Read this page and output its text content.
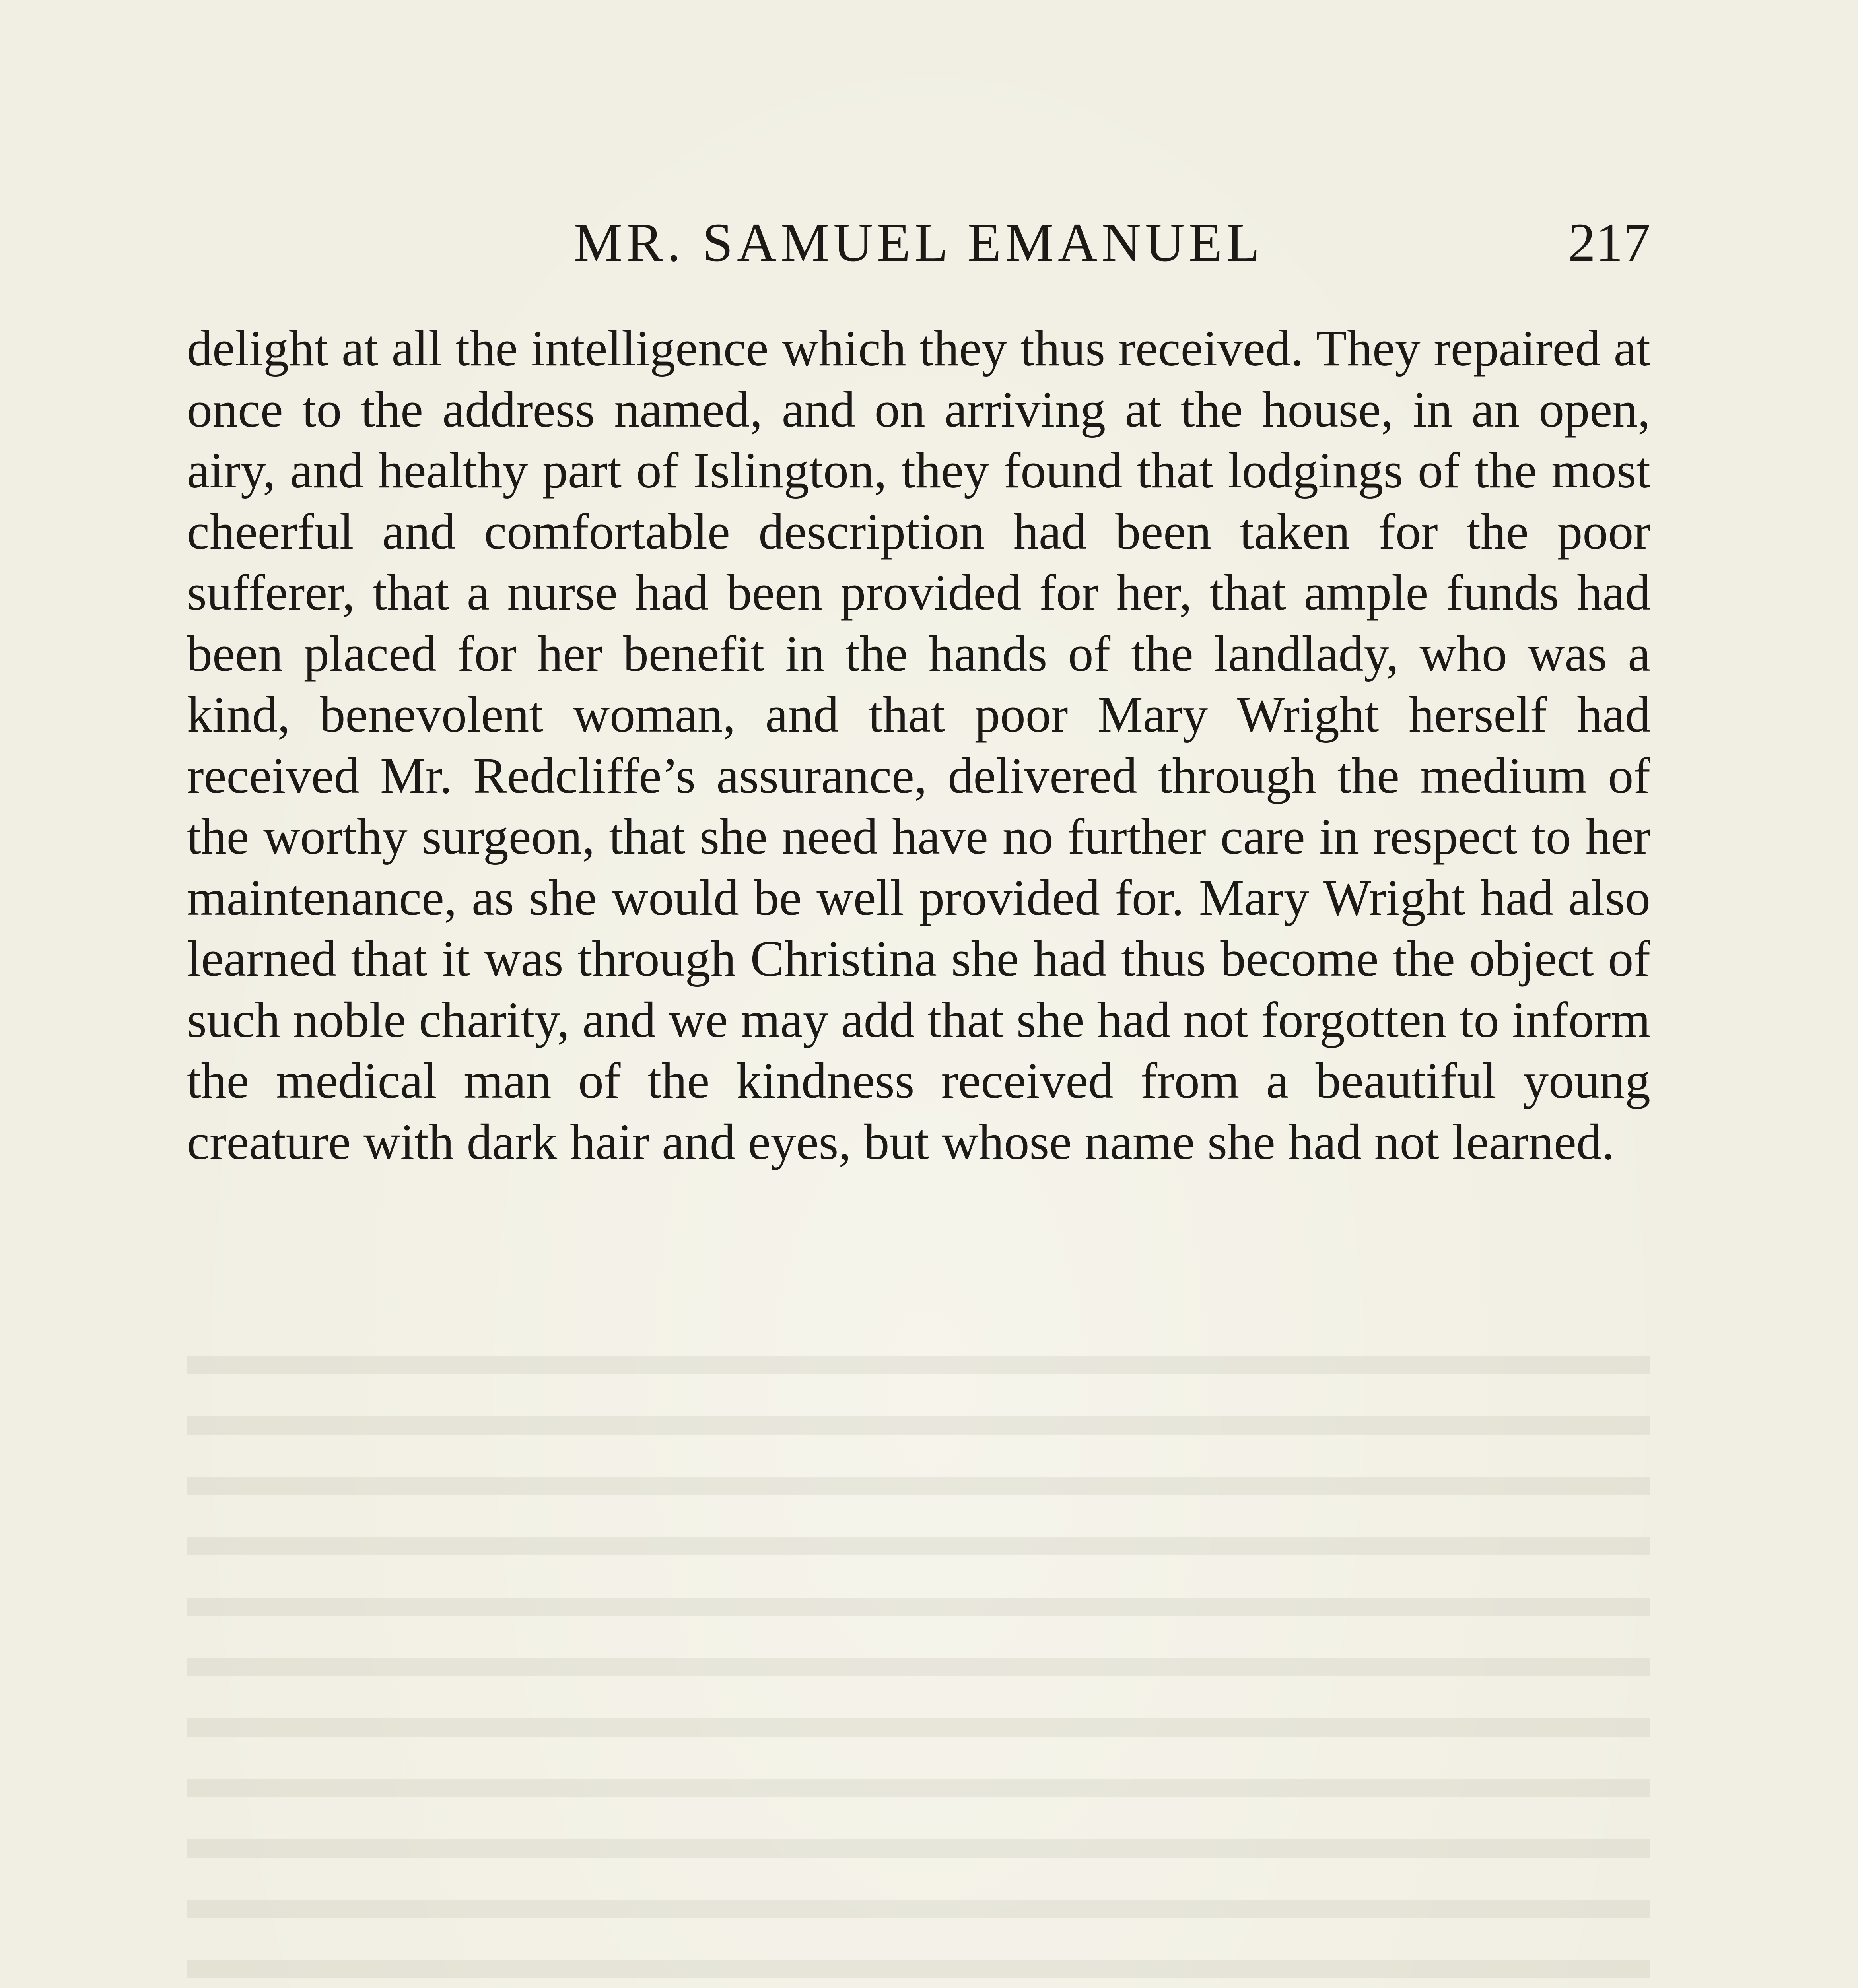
MR. SAMUEL EMANUEL	217

delight at all the intelligence which they thus received. They repaired at once to the address named, and on arriving at the house, in an open, airy, and healthy part of Islington, they found that lodgings of the most cheerful and comfortable description had been taken for the poor sufferer, that a nurse had been provided for her, that ample funds had been placed for her benefit in the hands of the landlady, who was a kind, benevolent woman, and that poor Mary Wright herself had received Mr. Redcliffe’s assurance, delivered through the medium of the worthy surgeon, that she need have no further care in respect to her maintenance, as she would be well provided for. Mary Wright had also learned that it was through Christina she had thus become the object of such noble charity, and we may add that she had not forgotten to inform the medical man of the kindness received from a beautiful young creature with dark hair and eyes, but whose name she had not learned.
